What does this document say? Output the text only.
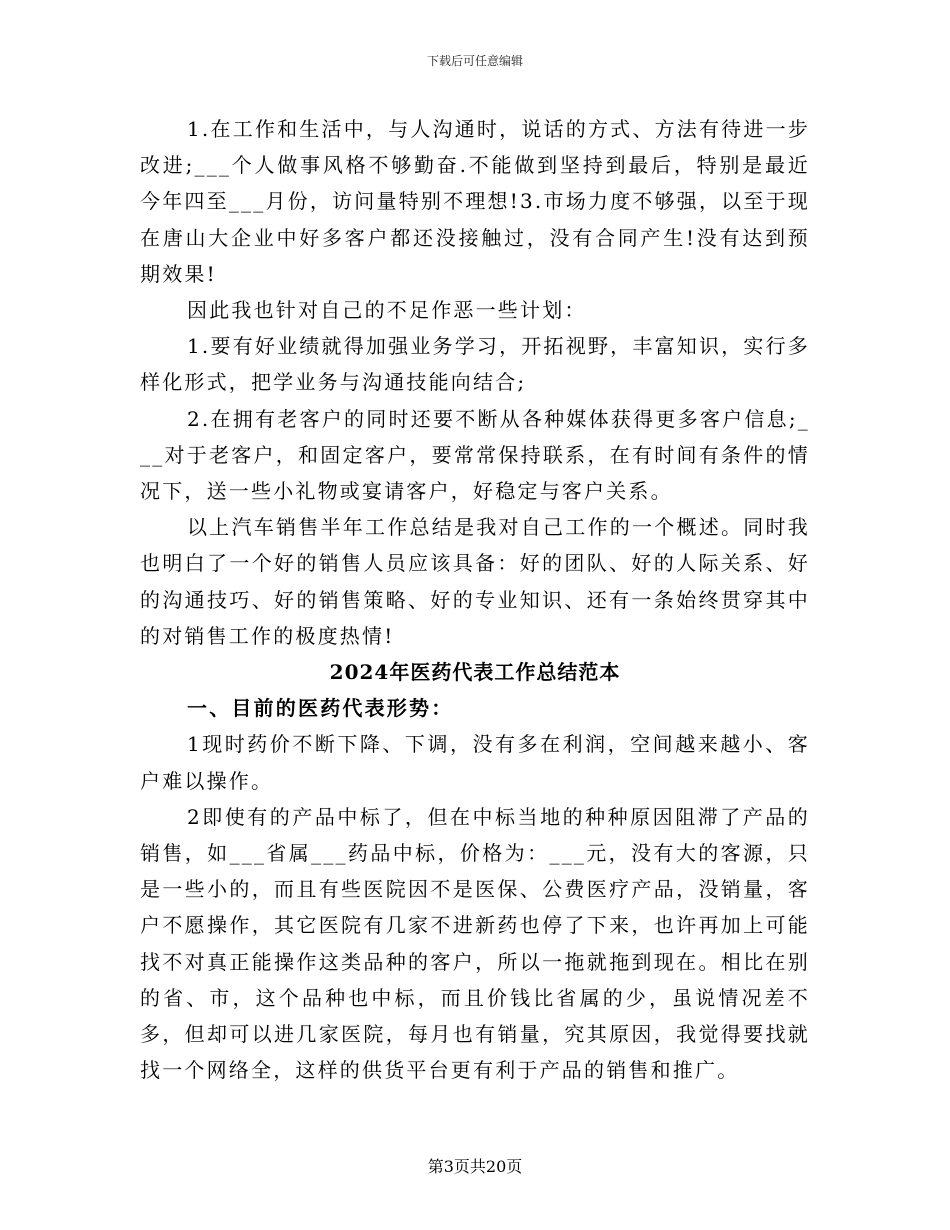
下载后可任意编辑

1.在工作和生活中，与人沟通时，说话的方式、方法有待进一步改进;___个人做事风格不够勤奋.不能做到坚持到最后，特别是最近今年四至___月份，访问量特别不理想!3.市场力度不够强，以至于现在唐山大企业中好多客户都还没接触过，没有合同产生!没有达到预期效果!

因此我也针对自己的不足作恶一些计划：

1.要有好业绩就得加强业务学习，开拓视野，丰富知识，实行多样化形式，把学业务与沟通技能向结合;

2.在拥有老客户的同时还要不断从各种媒体获得更多客户信息;___对于老客户，和固定客户，要常常保持联系，在有时间有条件的情况下，送一些小礼物或宴请客户，好稳定与客户关系。

以上汽车销售半年工作总结是我对自己工作的一个概述。同时我也明白了一个好的销售人员应该具备：好的团队、好的人际关系、好的沟通技巧、好的销售策略、好的专业知识、还有一条始终贯穿其中的对销售工作的极度热情!

2024年医药代表工作总结范本
一、目前的医药代表形势：

1现时药价不断下降、下调，没有多在利润，空间越来越小、客户难以操作。

2即使有的产品中标了，但在中标当地的种种原因阻滞了产品的销售，如___省属___药品中标，价格为：___元，没有大的客源，只是一些小的，而且有些医院因不是医保、公费医疗产品，没销量，客户不愿操作，其它医院有几家不进新药也停了下来，也许再加上可能找不对真正能操作这类品种的客户，所以一拖就拖到现在。相比在别的省、市，这个品种也中标，而且价钱比省属的少，虽说情况差不多，但却可以进几家医院，每月也有销量，究其原因，我觉得要找就找一个网络全，这样的供货平台更有利于产品的销售和推广。

第3页共20页
